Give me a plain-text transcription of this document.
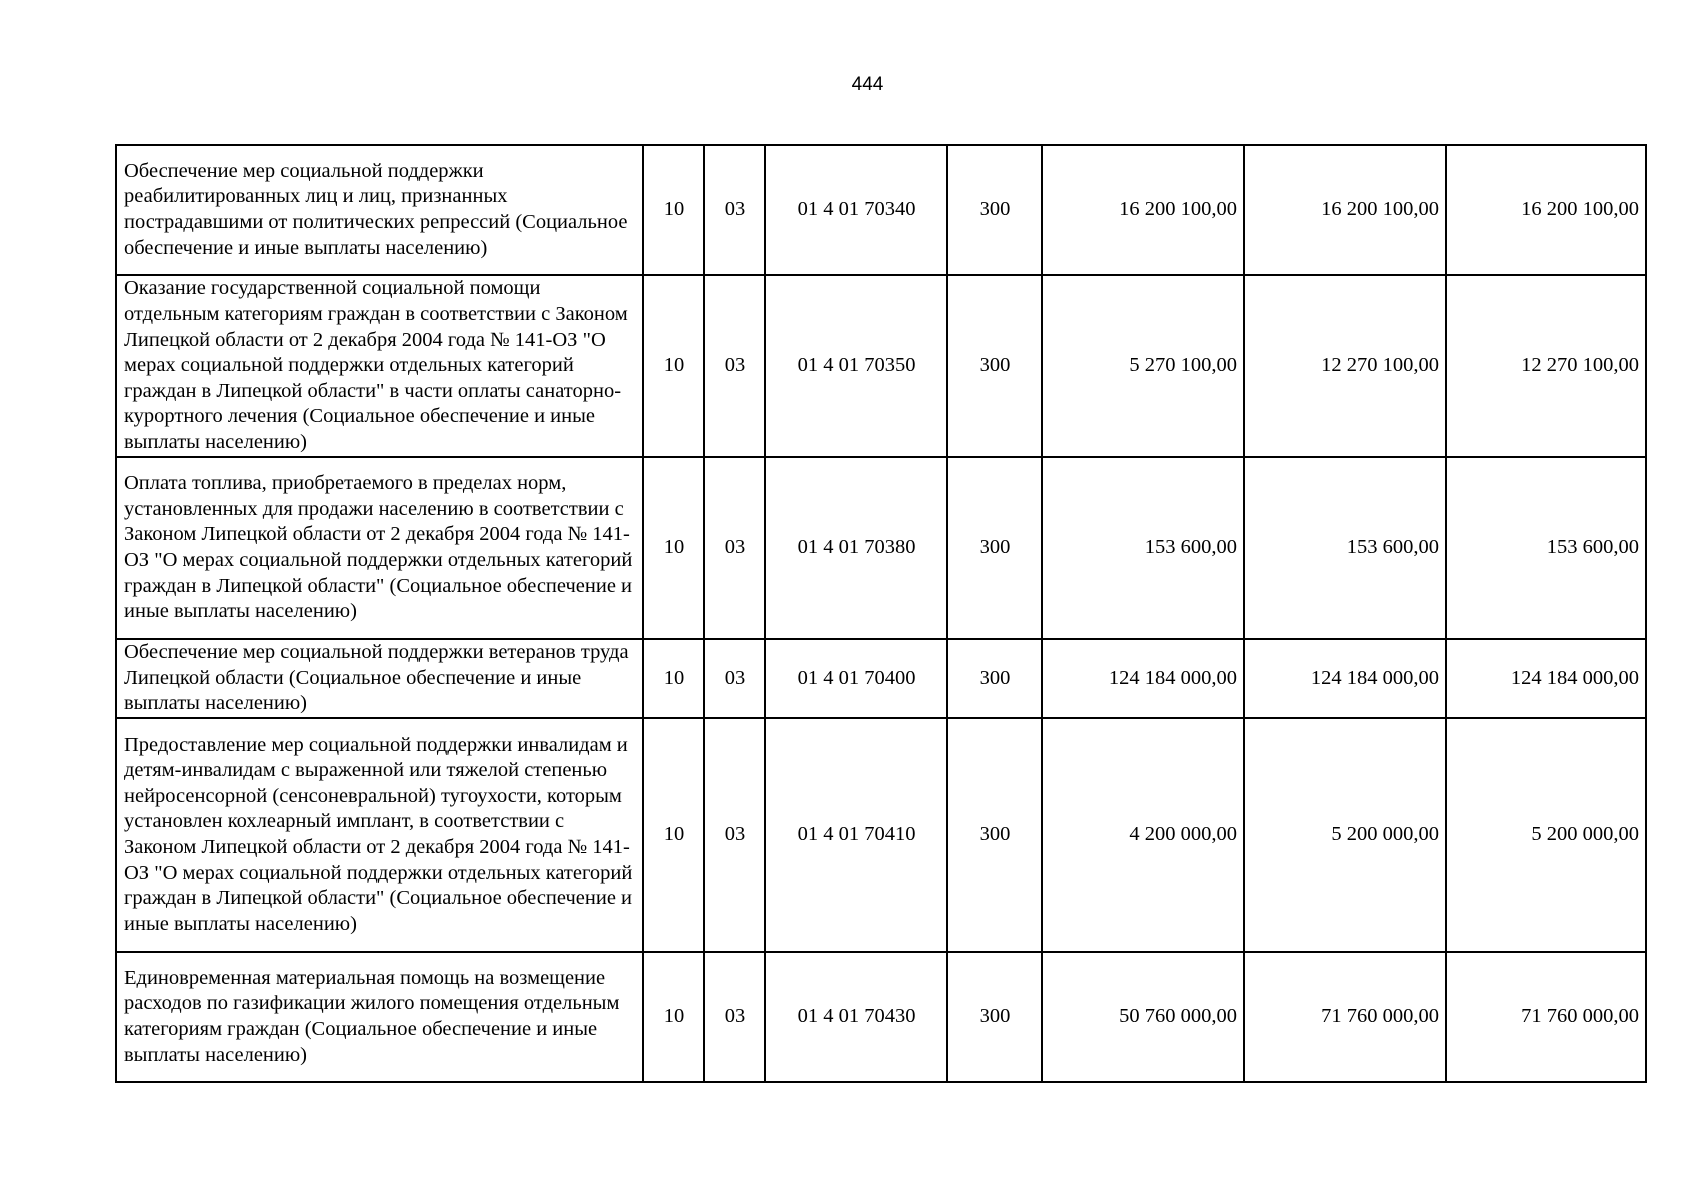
444
Обеспечение мер социальной поддержки реабилитированных лиц и лиц, признанных пострадавшими от политических репрессий (Социальное обеспечение и иные выплаты населению)	10	03	01 4 01 70340	300	16 200 100,00	16 200 100,00	16 200 100,00
Оказание государственной социальной помощи отдельным категориям граждан в соответствии с Законом Липецкой области от 2 декабря 2004 года № 141-ОЗ "О мерах социальной поддержки отдельных категорий граждан в Липецкой области" в части оплаты санаторно-курортного лечения (Социальное обеспечение и иные выплаты населению)	10	03	01 4 01 70350	300	5 270 100,00	12 270 100,00	12 270 100,00
Оплата топлива, приобретаемого в пределах норм, установленных для продажи населению в соответствии с Законом Липецкой области от 2 декабря 2004 года № 141-ОЗ "О мерах социальной поддержки отдельных категорий граждан в Липецкой области" (Социальное обеспечение и иные выплаты населению)	10	03	01 4 01 70380	300	153 600,00	153 600,00	153 600,00
Обеспечение мер социальной поддержки ветеранов труда Липецкой области (Социальное обеспечение и иные выплаты населению)	10	03	01 4 01 70400	300	124 184 000,00	124 184 000,00	124 184 000,00
Предоставление мер социальной поддержки инвалидам и детям-инвалидам с выраженной или тяжелой степенью нейросенсорной (сенсоневральной) тугоухости, которым установлен кохлеарный имплант, в соответствии с Законом Липецкой области от 2 декабря 2004 года № 141-ОЗ "О мерах социальной поддержки отдельных категорий граждан в Липецкой области" (Социальное обеспечение и иные выплаты населению)	10	03	01 4 01 70410	300	4 200 000,00	5 200 000,00	5 200 000,00
Единовременная материальная помощь на возмещение расходов по газификации жилого помещения отдельным категориям граждан (Социальное обеспечение и иные выплаты населению)	10	03	01 4 01 70430	300	50 760 000,00	71 760 000,00	71 760 000,00
